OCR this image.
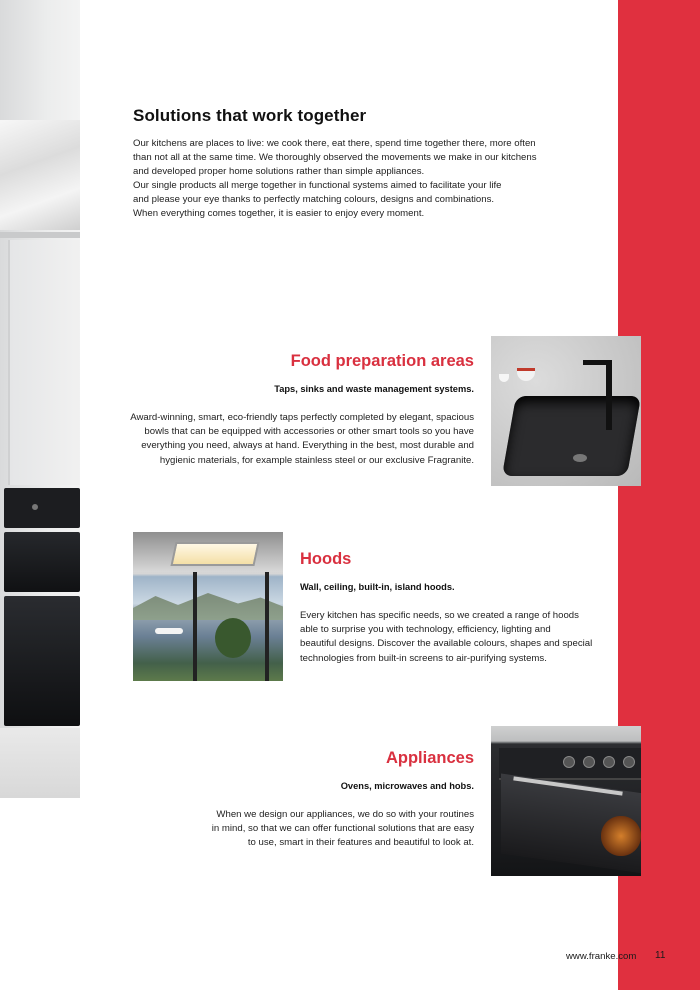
Solutions that work together
Our kitchens are places to live: we cook there, eat there, spend time together there, more often
than not all at the same time. We thoroughly observed the movements we make in our kitchens
and developed proper home solutions rather than simple appliances.
Our single products all merge together in functional systems aimed to facilitate your life
and please your eye thanks to perfectly matching colours, designs and combinations.
When everything comes together, it is easier to enjoy every moment.
Food preparation areas
Taps, sinks and waste management systems.
Award-winning, smart, eco-friendly taps perfectly completed by elegant, spacious
bowls that can be equipped with accessories or other smart tools so you have
everything you need, always at hand. Everything in the best, most durable and
hygienic materials, for example stainless steel or our exclusive Fragranite.
Hoods
Wall, ceiling, built-in, island hoods.
Every kitchen has specific needs, so we created a range of hoods
able to surprise you with technology, efficiency, lighting and
beautiful designs. Discover the available colours, shapes and special
technologies from built-in screens to air-purifying systems.
Appliances
Ovens, microwaves and hobs.
When we design our appliances, we do so with your routines
in mind, so that we can offer functional solutions that are easy
to use, smart in their features and beautiful to look at.
www.franke.com 11
